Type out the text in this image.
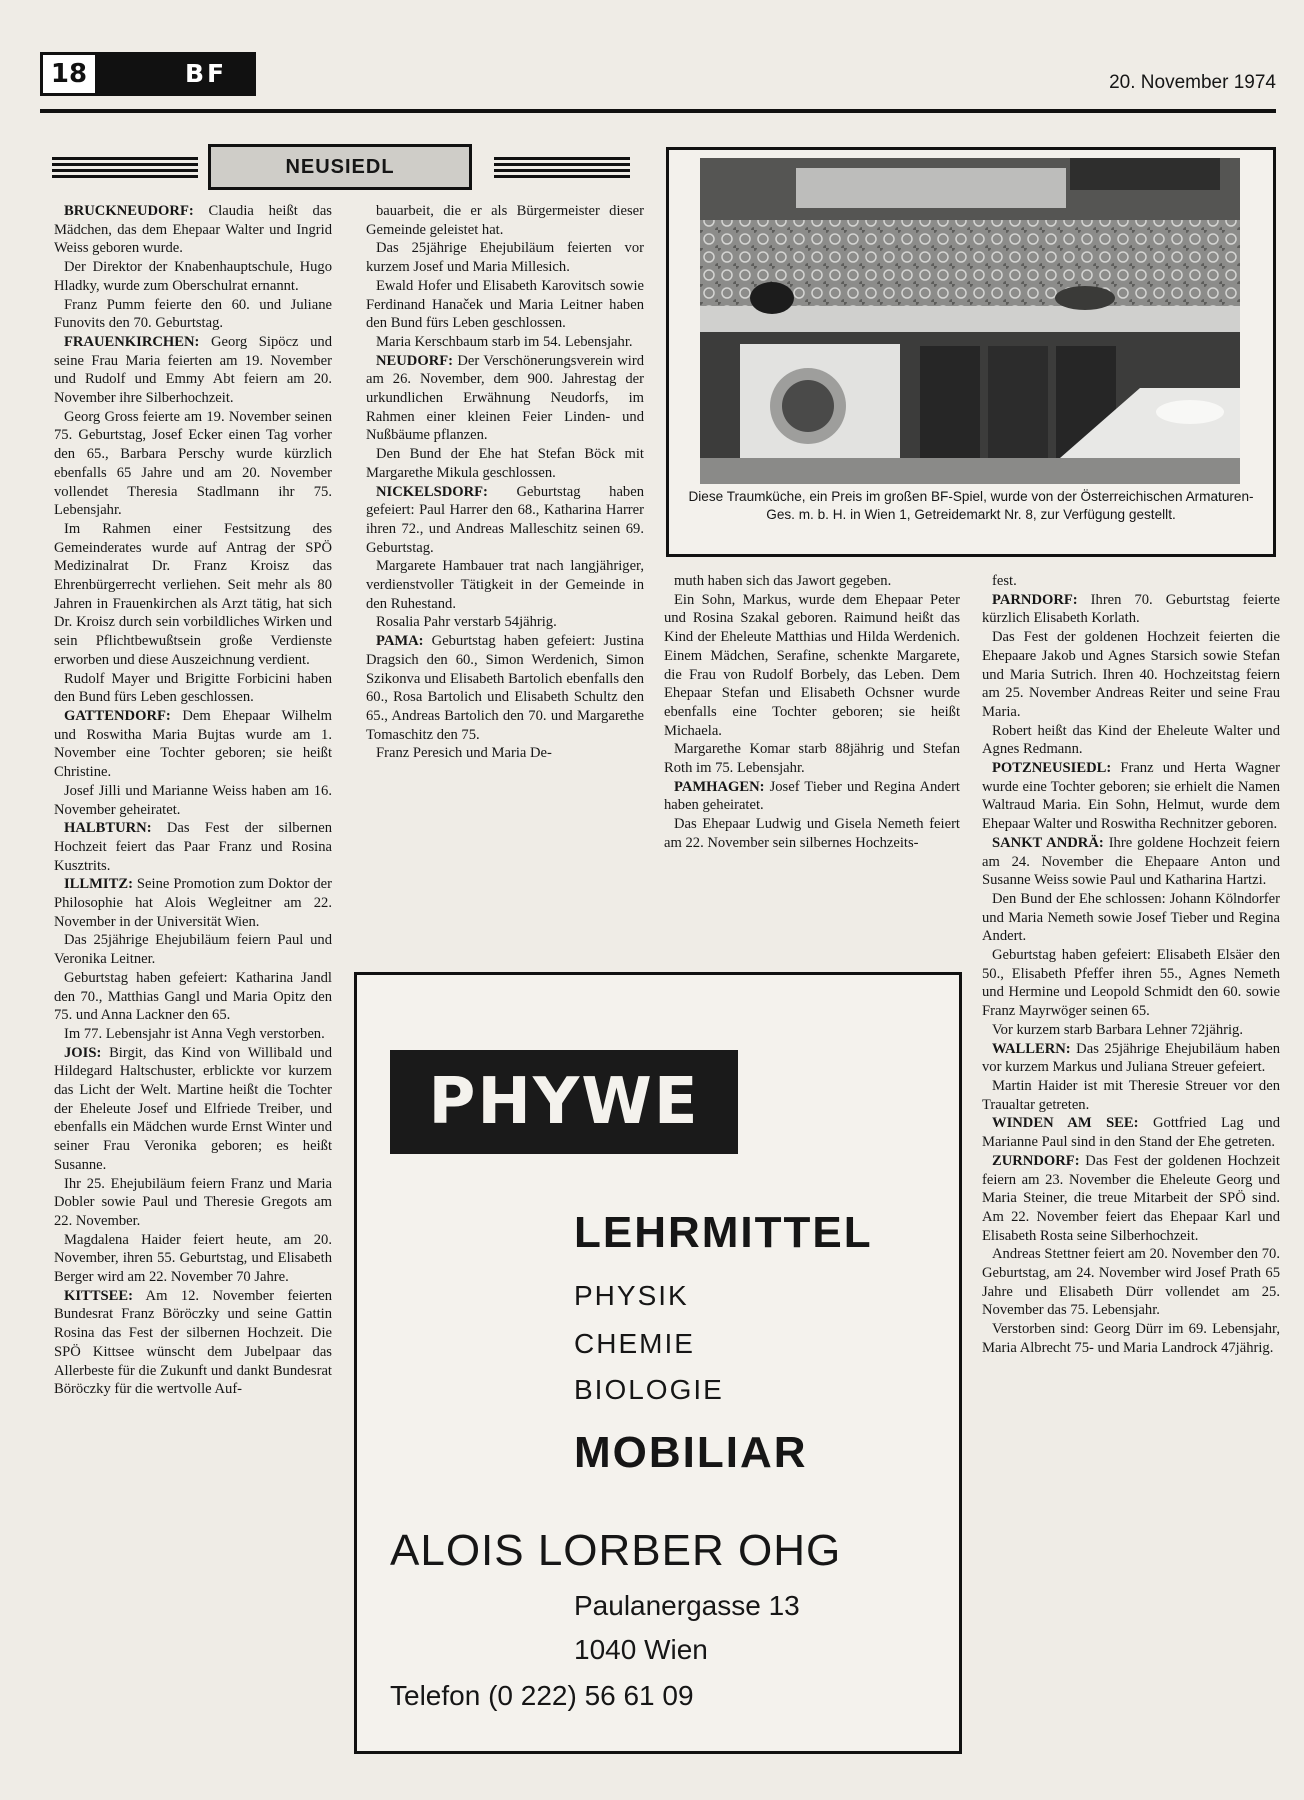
18	BF	20. November 1974
NEUSIEDL

BRUCKNEUDORF: Claudia heißt das Mädchen, das dem Ehepaar Walter und Ingrid Weiss geboren wurde.

Der Direktor der Knabenhauptschule, Hugo Hladky, wurde zum Oberschulrat ernannt.

Franz Pumm feierte den 60. und Juliane Funovits den 70. Geburtstag.

FRAUENKIRCHEN: Georg Sipöcz und seine Frau Maria feierten am 19. November und Rudolf und Emmy Abt feiern am 20. November ihre Silberhochzeit.

Georg Gross feierte am 19. November seinen 75. Geburtstag, Josef Ecker einen Tag vorher den 65., Barbara Perschy wurde kürzlich ebenfalls 65 Jahre und am 20. November vollendet Theresia Stadlmann ihr 75. Lebensjahr.

Im Rahmen einer Festsitzung des Gemeinderates wurde auf Antrag der SPÖ Medizinalrat Dr. Franz Kroisz das Ehrenbürgerrecht verliehen. Seit mehr als 80 Jahren in Frauenkirchen als Arzt tätig, hat sich Dr. Kroisz durch sein vorbildliches Wirken und sein Pflichtbewußtsein große Verdienste erworben und diese Auszeichnung verdient.

Rudolf Mayer und Brigitte Forbicini haben den Bund fürs Leben geschlossen.

GATTENDORF: Dem Ehepaar Wilhelm und Roswitha Maria Bujtas wurde am 1. November eine Tochter geboren; sie heißt Christine.

Josef Jilli und Marianne Weiss haben am 16. November geheiratet.

HALBTURN: Das Fest der silbernen Hochzeit feiert das Paar Franz und Rosina Kusztrits.

ILLMITZ: Seine Promotion zum Doktor der Philosophie hat Alois Wegleitner am 22. November in der Universität Wien.

Das 25jährige Ehejubiläum feiern Paul und Veronika Leitner.

Geburtstag haben gefeiert: Katharina Jandl den 70., Matthias Gangl und Maria Opitz den 75. und Anna Lackner den 65.

Im 77. Lebensjahr ist Anna Vegh verstorben.

JOIS: Birgit, das Kind von Willibald und Hildegard Haltschuster, erblickte vor kurzem das Licht der Welt. Martine heißt die Tochter der Eheleute Josef und Elfriede Treiber, und ebenfalls ein Mädchen wurde Ernst Winter und seiner Frau Veronika geboren; es heißt Susanne.

Ihr 25. Ehejubiläum feiern Franz und Maria Dobler sowie Paul und Theresie Gregots am 22. November.

Magdalena Haider feiert heute, am 20. November, ihren 55. Geburtstag, und Elisabeth Berger wird am 22. November 70 Jahre.

KITTSEE: Am 12. November feierten Bundesrat Franz Böröczky und seine Gattin Rosina das Fest der silbernen Hochzeit. Die SPÖ Kittsee wünscht dem Jubelpaar das Allerbeste für die Zukunft und dankt Bundesrat Böröczky für die wertvolle Auf-

bauarbeit, die er als Bürgermeister dieser Gemeinde geleistet hat.

Das 25jährige Ehejubiläum feierten vor kurzem Josef und Maria Millesich.

Ewald Hofer und Elisabeth Karovitsch sowie Ferdinand Hanaček und Maria Leitner haben den Bund fürs Leben geschlossen.

Maria Kerschbaum starb im 54. Lebensjahr.

NEUDORF: Der Verschönerungsverein wird am 26. November, dem 900. Jahrestag der urkundlichen Erwähnung Neudorfs, im Rahmen einer kleinen Feier Linden- und Nußbäume pflanzen.

Den Bund der Ehe hat Stefan Böck mit Margarethe Mikula geschlossen.

NICKELSDORF: Geburtstag haben gefeiert: Paul Harrer den 68., Katharina Harrer ihren 72., und Andreas Malleschitz seinen 69. Geburtstag.

Margarete Hambauer trat nach langjähriger, verdienstvoller Tätigkeit in der Gemeinde in den Ruhestand.

Rosalia Pahr verstarb 54jährig.

PAMA: Geburtstag haben gefeiert: Justina Dragsich den 60., Simon Werdenich, Simon Szikonva und Elisabeth Bartolich ebenfalls den 60., Rosa Bartolich und Elisabeth Schultz den 65., Andreas Bartolich den 70. und Margarethe Tomaschitz den 75.

Franz Peresich und Maria De-

muth haben sich das Jawort gegeben.

Ein Sohn, Markus, wurde dem Ehepaar Peter und Rosina Szakal geboren. Raimund heißt das Kind der Eheleute Matthias und Hilda Werdenich. Einem Mädchen, Serafine, schenkte Margarete, die Frau von Rudolf Borbely, das Leben. Dem Ehepaar Stefan und Elisabeth Ochsner wurde ebenfalls eine Tochter geboren; sie heißt Michaela.

Margarethe Komar starb 88jährig und Stefan Roth im 75. Lebensjahr.

PAMHAGEN: Josef Tieber und Regina Andert haben geheiratet.

Das Ehepaar Ludwig und Gisela Nemeth feiert am 22. November sein silbernes Hochzeits-

fest.

PARNDORF: Ihren 70. Geburtstag feierte kürzlich Elisabeth Korlath.

Das Fest der goldenen Hochzeit feierten die Ehepaare Jakob und Agnes Starsich sowie Stefan und Maria Sutrich. Ihren 40. Hochzeitstag feiern am 25. November Andreas Reiter und seine Frau Maria.

Robert heißt das Kind der Eheleute Walter und Agnes Redmann.

POTZNEUSIEDL: Franz und Herta Wagner wurde eine Tochter geboren; sie erhielt die Namen Waltraud Maria. Ein Sohn, Helmut, wurde dem Ehepaar Walter und Roswitha Rechnitzer geboren.

SANKT ANDRÄ: Ihre goldene Hochzeit feiern am 24. November die Ehepaare Anton und Susanne Weiss sowie Paul und Katharina Hartzi.

Den Bund der Ehe schlossen: Johann Kölndorfer und Maria Nemeth sowie Josef Tieber und Regina Andert.

Geburtstag haben gefeiert: Elisabeth Elsäer den 50., Elisabeth Pfeffer ihren 55., Agnes Nemeth und Hermine und Leopold Schmidt den 60. sowie Franz Mayrwöger seinen 65.

Vor kurzem starb Barbara Lehner 72jährig.

WALLERN: Das 25jährige Ehejubiläum haben vor kurzem Markus und Juliana Streuer gefeiert.

Martin Haider ist mit Theresie Streuer vor den Traualtar getreten.

WINDEN AM SEE: Gottfried Lag und Marianne Paul sind in den Stand der Ehe getreten.

ZURNDORF: Das Fest der goldenen Hochzeit feiern am 23. November die Eheleute Georg und Maria Steiner, die treue Mitarbeit der SPÖ sind. Am 22. November feiert das Ehepaar Karl und Elisabeth Rosta seine Silberhochzeit.

Andreas Stettner feiert am 20. November den 70. Geburtstag, am 24. November wird Josef Prath 65 Jahre und Elisabeth Dürr vollendet am 25. November das 75. Lebensjahr.

Verstorben sind: Georg Dürr im 69. Lebensjahr, Maria Albrecht 75- und Maria Landrock 47jährig.

Diese Traumküche, ein Preis im großen BF-Spiel, wurde von der Österreichischen Armaturen-Ges. m. b. H. in Wien 1, Getreidemarkt Nr. 8, zur Verfügung gestellt.
PHYWE
LEHRMITTEL
PHYSIK
CHEMIE
BIOLOGIE
MOBILIAR
ALOIS LORBER OHG
Paulanergasse 13
1040 Wien
Telefon (0 222) 56 61 09
